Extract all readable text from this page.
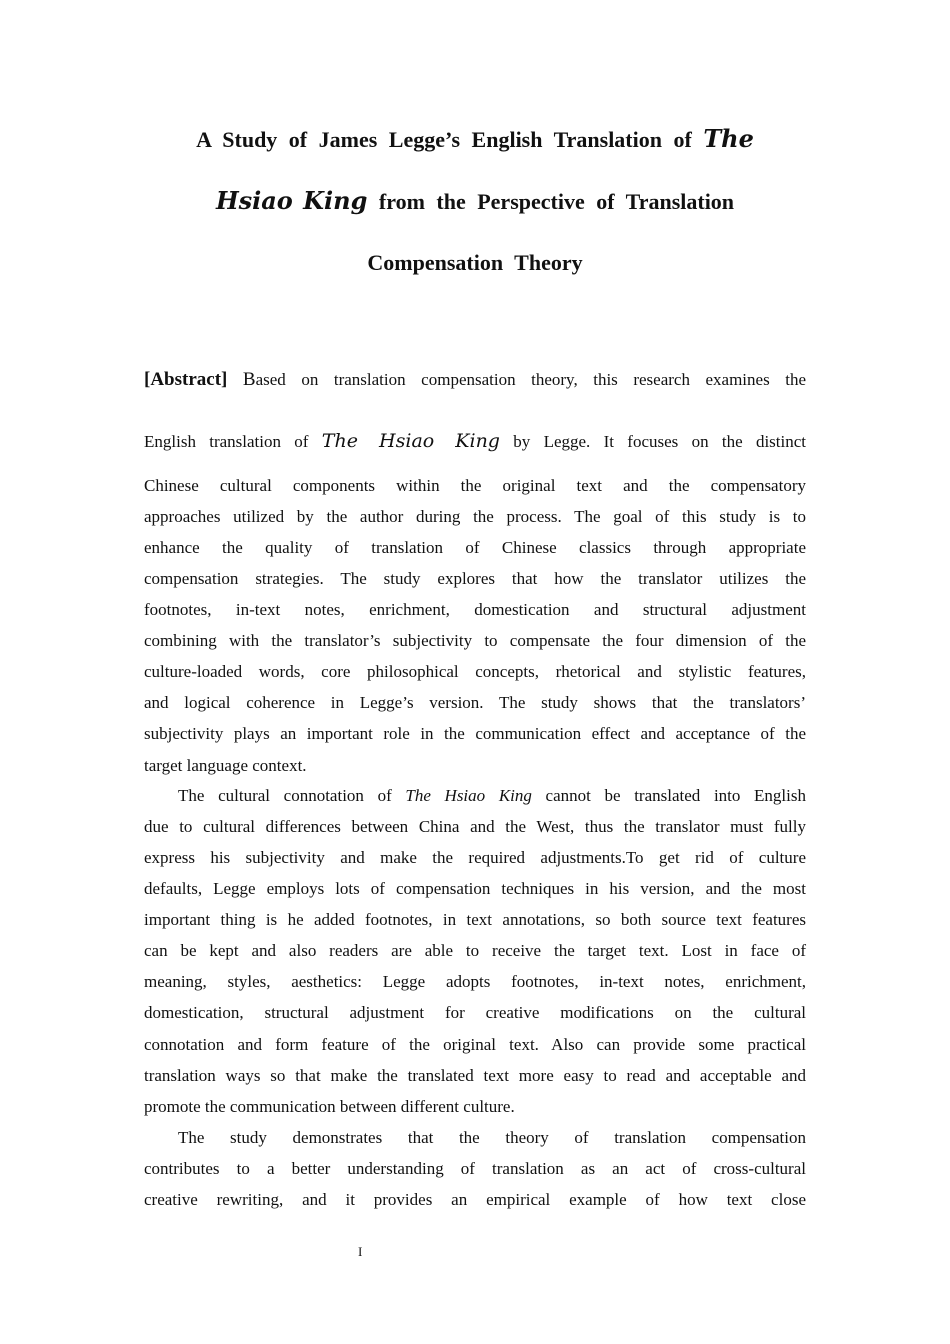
A Study of James Legge’s English Translation of The
Hsiao King from the Perspective of Translation
Compensation Theory
[Abstract] Based on translation compensation theory, this research examines the
English translation of The Hsiao King by Legge. It focuses on the distinct
Chinese cultural components within the original text and the compensatory
approaches utilized by the author during the process. The goal of this study is to
enhance the quality of translation of Chinese classics through appropriate
compensation strategies. The study explores that how the translator utilizes the
footnotes, in-text notes, enrichment, domestication and structural adjustment
combining with the translator’s subjectivity to compensate the four dimension of the
culture-loaded words, core philosophical concepts, rhetorical and stylistic features,
and logical coherence in Legge’s version. The study shows that the translators’
subjectivity plays an important role in the communication effect and acceptance of the
target language context.
The cultural connotation of The Hsiao King cannot be translated into English
due to cultural differences between China and the West, thus the translator must fully
express his subjectivity and make the required adjustments.To get rid of culture
defaults, Legge employs lots of compensation techniques in his version, and the most
important thing is he added footnotes, in text annotations, so both source text features
can be kept and also readers are able to receive the target text. Lost in face of
meaning, styles, aesthetics: Legge adopts footnotes, in-text notes, enrichment,
domestication, structural adjustment for creative modifications on the cultural
connotation and form feature of the original text. Also can provide some practical
translation ways so that make the translated text more easy to read and acceptable and
promote the communication between different culture.
The study demonstrates that the theory of translation compensation
contributes to a better understanding of translation as an act of cross-cultural
creative rewriting, and it provides an empirical example of how text close
I
